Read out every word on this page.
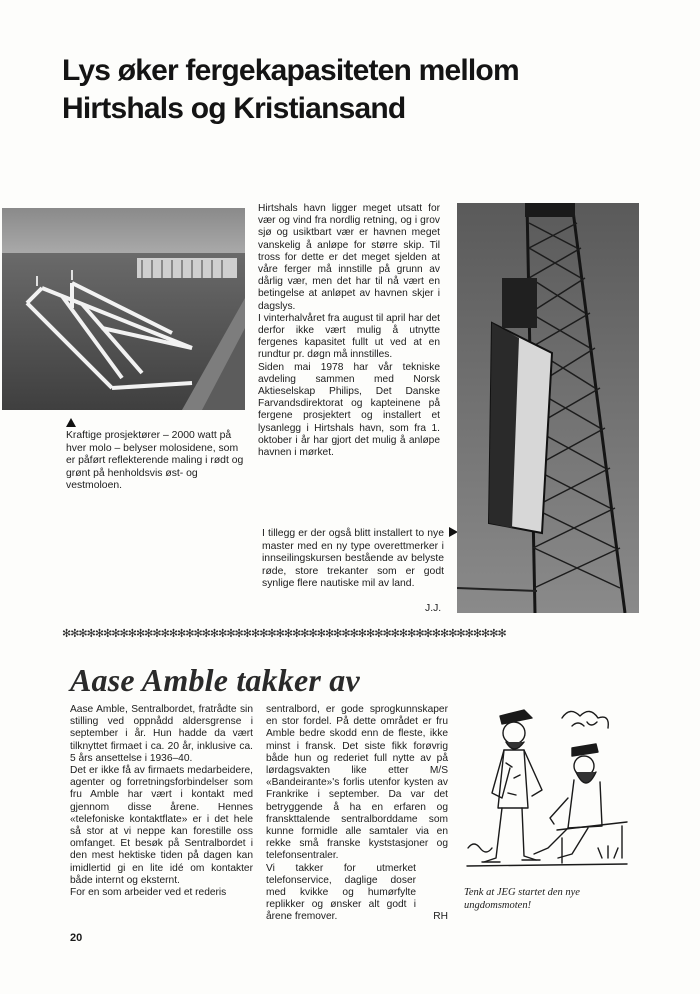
Lys øker fergekapasiteten mellom
Hirtshals og Kristiansand
Kraftige prosjektører – 2000 watt på hver molo – belyser molosidene, som er påført reflekterende maling i rødt og grønt på henholdsvis øst- og vestmoloen.
Hirtshals havn ligger meget utsatt for vær og vind fra nordlig retning, og i grov sjø og usiktbart vær er havnen meget vanskelig å anløpe for større skip. Til tross for dette er det meget sjelden at våre ferger må innstille på grunn av dårlig vær, men det har til nå vært en betingelse at anløpet av havnen skjer i dagslys.
I vinterhalvåret fra august til april har det derfor ikke vært mulig å utnytte fergenes kapasitet fullt ut ved at en rundtur pr. døgn må innstilles.
Siden mai 1978 har vår tekniske avdeling sammen med Norsk Aktieselskap Philips, Det Danske Farvandsdirektorat og kapteinene på fergene prosjektert og installert et lysanlegg i Hirtshals havn, som fra 1. oktober i år har gjort det mulig å anløpe havnen i mørket.
I tillegg er der også blitt installert to nye master med en ny type overettmerker i innseilingskursen bestående av belyste røde, store trekanter som er godt synlige flere nautiske mil av land.
J.J.
✻✻✻✻✻✻✻✻✻✻✻✻✻✻✻✻✻✻✻✻✻✻✻✻✻✻✻✻✻✻✻✻✻✻✻✻✻✻✻✻✻✻✻✻✻✻✻✻✻✻✻✻✻✻
Aase Amble takker av
Aase Amble, Sentralbordet, fratrådte sin stilling ved oppnådd aldersgrense i september i år. Hun hadde da vært tilknyttet firmaet i ca. 20 år, inklusive ca. 5 års ansettelse i 1936–40.
Det er ikke få av firmaets medarbeidere, agenter og forretningsforbindelser som fru Amble har vært i kontakt med gjennom disse årene. Hennes «telefoniske kontaktflate» er i det hele så stor at vi neppe kan forestille oss omfanget. Et besøk på Sentralbordet i den mest hektiske tiden på dagen kan imidlertid gi en lite idé om kontakter både internt og eksternt.
For en som arbeider ved et rederis
sentralbord, er gode sprogkunnskaper en stor fordel. På dette området er fru Amble bedre skodd enn de fleste, ikke minst i fransk. Det siste fikk forøvrig både hun og rederiet full nytte av på lørdagsvakten like etter M/S «Bandeirante»'s forlis utenfor kysten av Frankrike i september. Da var det betryggende å ha en erfaren og franskttalende sentralborddame som kunne formidle alle samtaler via en rekke små franske kyststasjoner og telefonsentraler.
Vi takker for utmerket telefonservice, daglige doser med kvikke og humørfylte replikker og ønsker alt godt i årene fremover.	RH
Tenk at JEG startet den nye ungdomsmoten!
20
